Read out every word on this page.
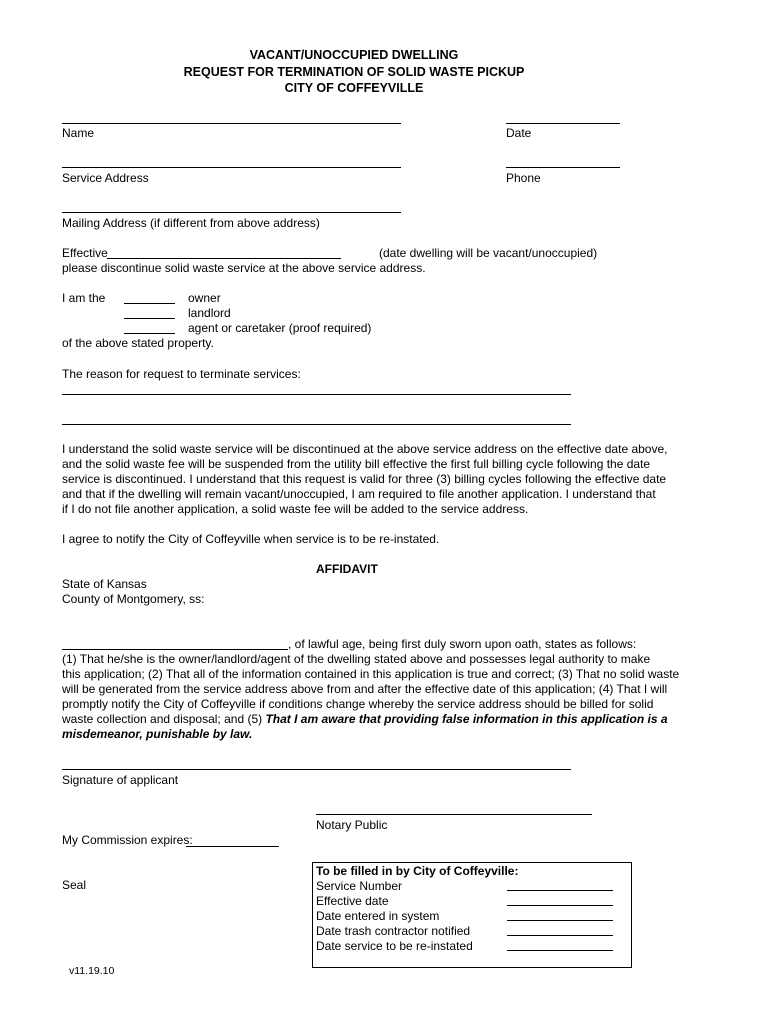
VACANT/UNOCCUPIED DWELLING
REQUEST FOR TERMINATION OF SOLID WASTE PICKUP
CITY OF COFFEYVILLE
Name	Date
Service Address	Phone
Mailing Address (if different from above address)
Effective	(date dwelling will be vacant/unoccupied)
please discontinue solid waste service at the above service address.
I am the	owner
landlord
agent or caretaker (proof required)
of the above stated property.
The reason for request to terminate services:
I understand the solid waste service will be discontinued at the above service address on the effective date above,
and the solid waste fee will be suspended from the utility bill effective the first full billing cycle following the date
service is discontinued. I understand that this request is valid for three (3) billing cycles following the effective date
and that if the dwelling will remain vacant/unoccupied, I am required to file another application. I understand that
if I do not file another application, a solid waste fee will be added to the service address.
I agree to notify the City of Coffeyville when service is to be re-instated.
AFFIDAVIT
State of Kansas
County of Montgomery, ss:
, of lawful age, being first duly sworn upon oath, states as follows:
(1) That he/she is the owner/landlord/agent of the dwelling stated above and possesses legal authority to make
this application; (2) That all of the information contained in this application is true and correct; (3) That no solid waste
will be generated from the service address above from and after the effective date of this application; (4) That I will
promptly notify the City of Coffeyville if conditions change whereby the service address should be billed for solid
waste collection and disposal; and (5) That I am aware that providing false information in this application is a
misdemeanor, punishable by law.
Signature of applicant
Notary Public
My Commission expires:
Seal
To be filled in by City of Coffeyville:
Service Number
Effective date
Date entered in system
Date trash contractor notified
Date service to be re-instated
v11.19.10
